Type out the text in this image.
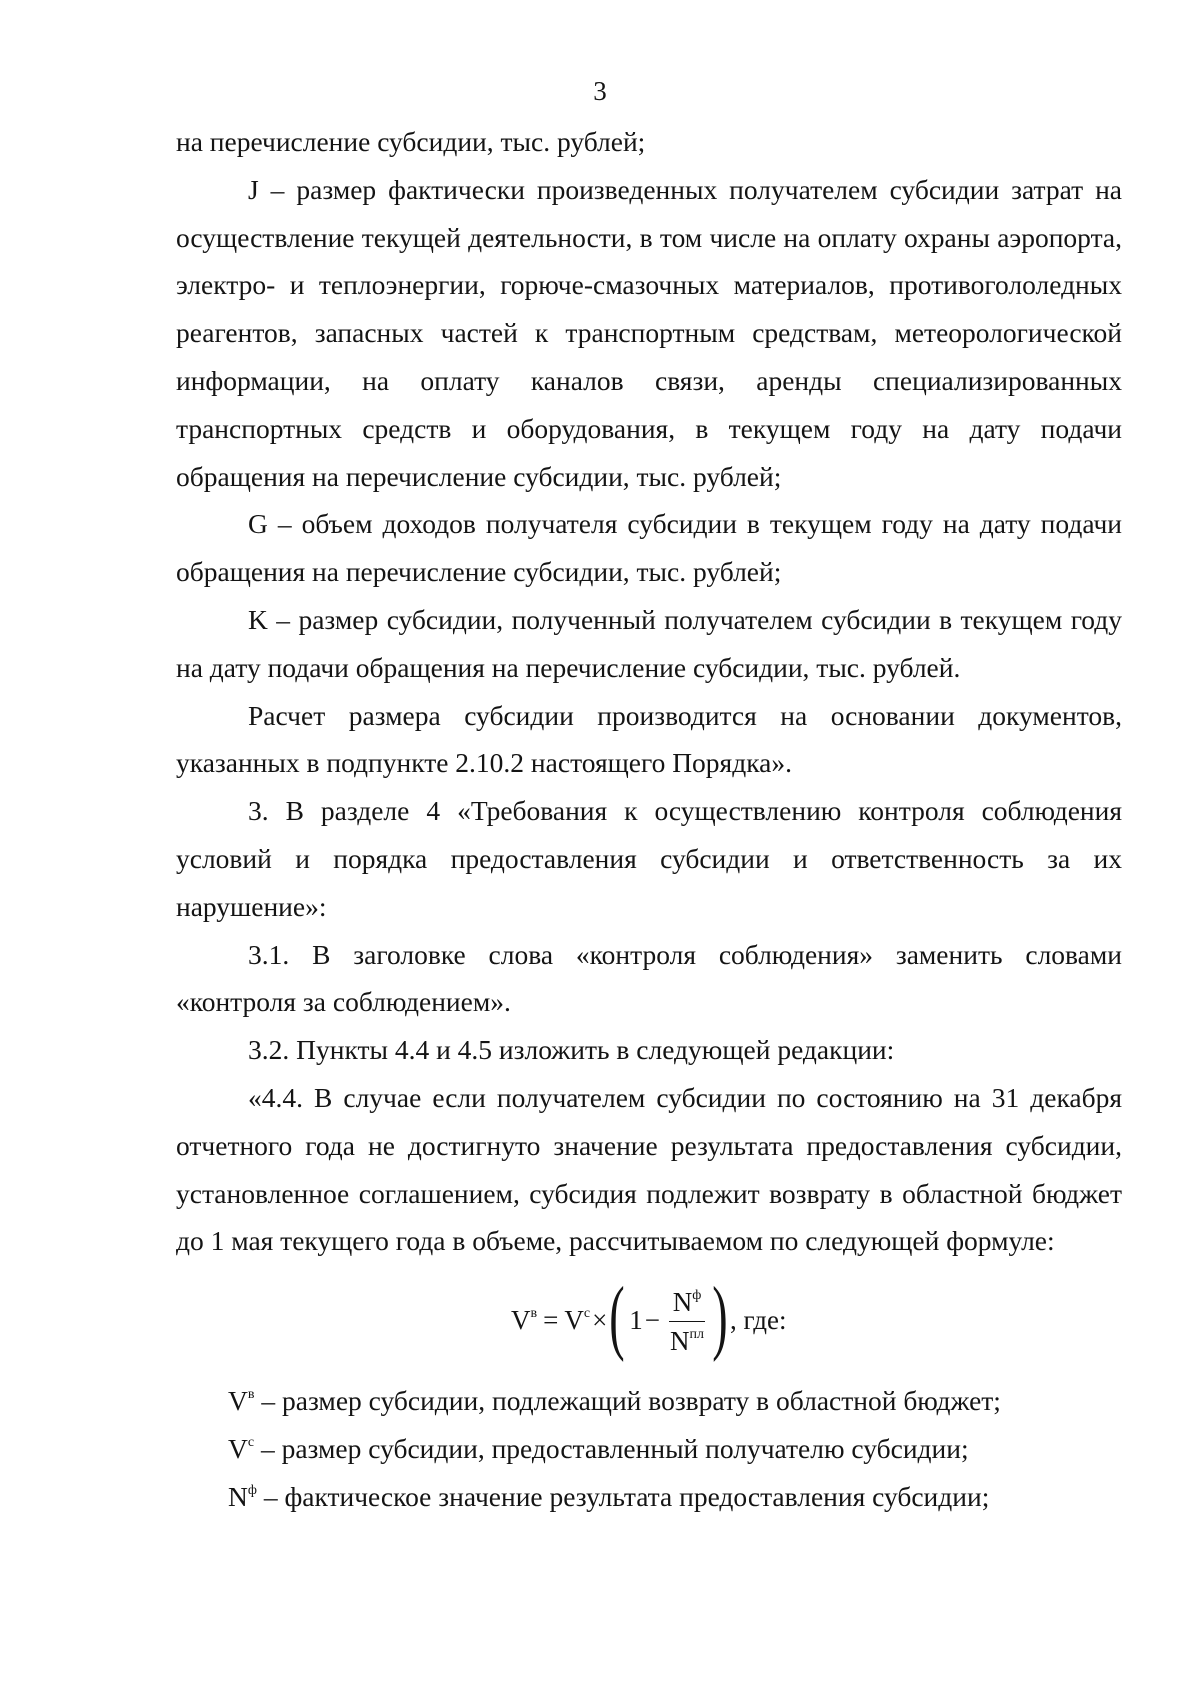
3

на перечисление субсидии, тыс. рублей;

J – размер фактически произведенных получателем субсидии затрат на осуществление текущей деятельности, в том числе на оплату охраны аэропорта, электро- и теплоэнергии, горюче-смазочных материалов, противогололедных реагентов, запасных частей к транспортным средствам, метеорологической информации, на оплату каналов связи, аренды специализированных транспортных средств и оборудования, в текущем году на дату подачи обращения на перечисление субсидии, тыс. рублей;

G – объем доходов получателя субсидии в текущем году на дату подачи обращения на перечисление субсидии, тыс. рублей;

K – размер субсидии, полученный получателем субсидии в текущем году на дату подачи обращения на перечисление субсидии, тыс. рублей.

Расчет размера субсидии производится на основании документов, указанных в подпункте 2.10.2 настоящего Порядка».

3. В разделе 4 «Требования к осуществлению контроля соблюдения условий и порядка предоставления субсидии и ответственность за их нарушение»:

3.1. В заголовке слова «контроля соблюдения» заменить словами «контроля за соблюдением».

3.2. Пункты 4.4 и 4.5 изложить в следующей редакции:

«4.4. В случае если получателем субсидии по состоянию на 31 декабря отчетного года не достигнуто значение результата предоставления субсидии, установленное соглашением, субсидия подлежит возврату в областной бюджет до 1 мая текущего года в объеме, рассчитываемом по следующей формуле:

$V^в = V^с$ × ( $1 - \frac{N^ф}{N^{пл}}$ ) , где:

$V^в$ – размер субсидии, подлежащий возврату в областной бюджет;

$V^с$ – размер субсидии, предоставленный получателю субсидии;

$N^ф$ – фактическое значение результата предоставления субсидии;
